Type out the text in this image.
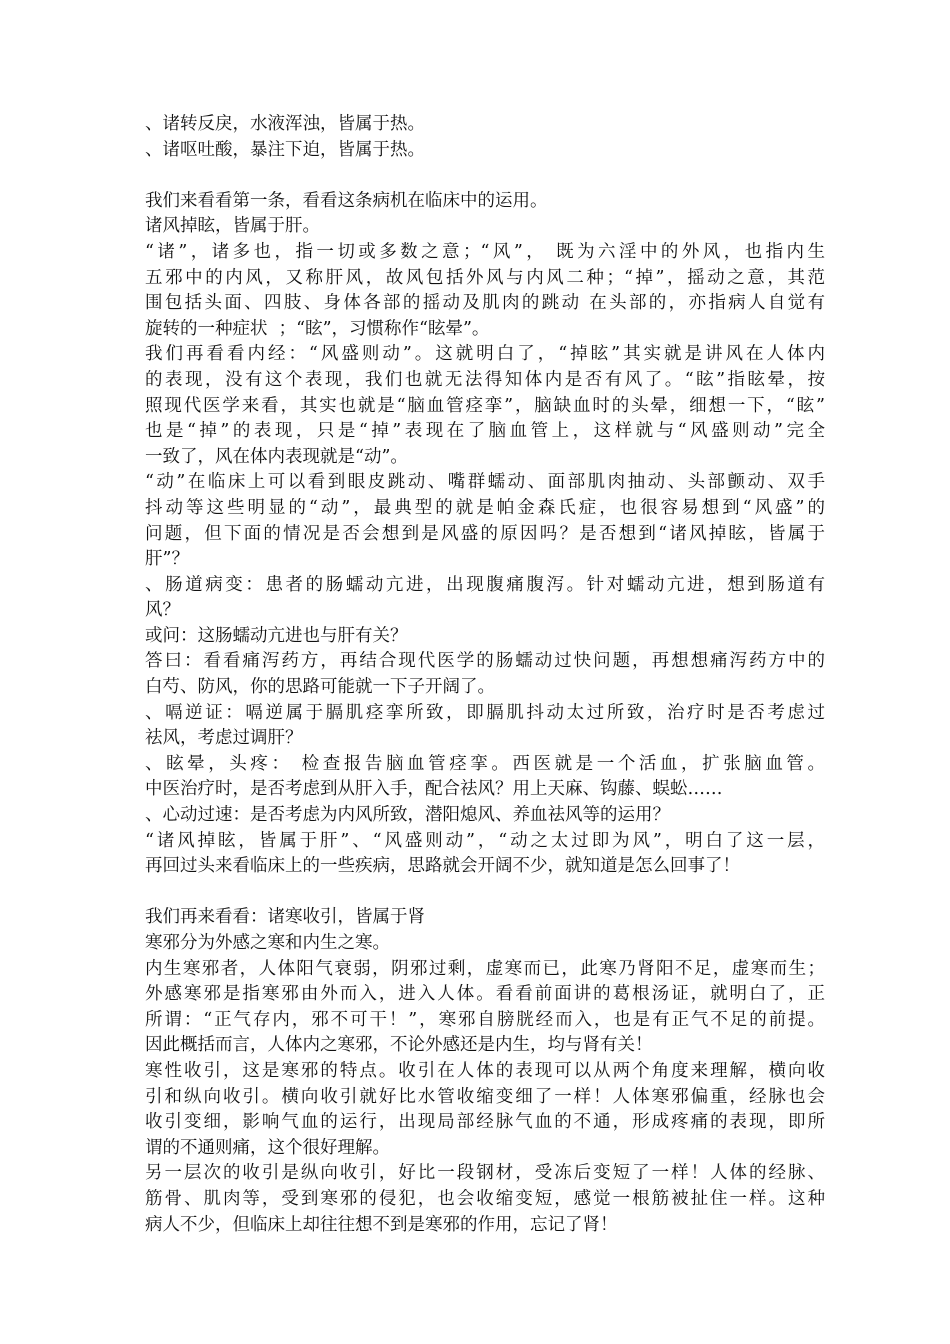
、诸转反戾，水液浑浊，皆属于热。
、诸呕吐酸，暴注下迫，皆属于热。
我们来看看第一条，看看这条病机在临床中的运用。
诸风掉眩，皆属于肝。
“诸”，诸多也，指一切或多数之意；“风”， 既为六淫中的外风，也指内生
五邪中的内风，又称肝风，故风包括外风与内风二种；“掉”，摇动之意，其范
围包括头面、四肢、身体各部的摇动及肌肉的跳动 在头部的，亦指病人自觉有
旋转的一种症状  ；“眩”，习惯称作“眩晕”。
我们再看看内经：“风盛则动”。这就明白了，“掉眩”其实就是讲风在人体内
的表现，没有这个表现，我们也就无法得知体内是否有风了。“眩”指眩晕，按
照现代医学来看，其实也就是“脑血管痉挛”，脑缺血时的头晕，细想一下，“眩”
也是“掉”的表现，只是“掉”表现在了脑血管上，这样就与“风盛则动”完全
一致了，风在体内表现就是“动”。
“动”在临床上可以看到眼皮跳动、嘴群蠕动、面部肌肉抽动、头部颤动、双手
抖动等这些明显的“动”，最典型的就是帕金森氏症，也很容易想到“风盛”的
问题，但下面的情况是否会想到是风盛的原因吗？是否想到“诸风掉眩，皆属于
肝”？
、肠道病变：患者的肠蠕动亢进，出现腹痛腹泻。针对蠕动亢进，想到肠道有
风？
或问：这肠蠕动亢进也与肝有关？
答曰：看看痛泻药方，再结合现代医学的肠蠕动过快问题，再想想痛泻药方中的
白芍、防风，你的思路可能就一下子开阔了。
、嗝逆证：嗝逆属于膈肌痉挛所致，即膈肌抖动太过所致，治疗时是否考虑过
祛风，考虑过调肝？
、眩晕，头疼： 检查报告脑血管痉挛。西医就是一个活血，扩张脑血管。
中医治疗时，是否考虑到从肝入手，配合祛风？用上天麻、钩藤、蜈蚣……
、心动过速：是否考虑为内风所致，潜阳熄风、养血祛风等的运用？
“诸风掉眩，皆属于肝”、“风盛则动”，“动之太过即为风”，明白了这一层，
再回过头来看临床上的一些疾病，思路就会开阔不少，就知道是怎么回事了！
我们再来看看：诸寒收引，皆属于肾
寒邪分为外感之寒和内生之寒。
内生寒邪者，人体阳气衰弱，阴邪过剩，虚寒而已，此寒乃肾阳不足，虚寒而生；
外感寒邪是指寒邪由外而入，进入人体。看看前面讲的葛根汤证，就明白了，正
所谓：“正气存内，邪不可干！”，寒邪自膀胱经而入，也是有正气不足的前提。
因此概括而言，人体内之寒邪，不论外感还是内生，均与肾有关！
寒性收引，这是寒邪的特点。收引在人体的表现可以从两个角度来理解，横向收
引和纵向收引。横向收引就好比水管收缩变细了一样！人体寒邪偏重，经脉也会
收引变细，影响气血的运行，出现局部经脉气血的不通，形成疼痛的表现，即所
谓的不通则痛，这个很好理解。
另一层次的收引是纵向收引，好比一段钢材，受冻后变短了一样！人体的经脉、
筋骨、肌肉等，受到寒邪的侵犯，也会收缩变短，感觉一根筋被扯住一样。这种
病人不少，但临床上却往往想不到是寒邪的作用，忘记了肾！
